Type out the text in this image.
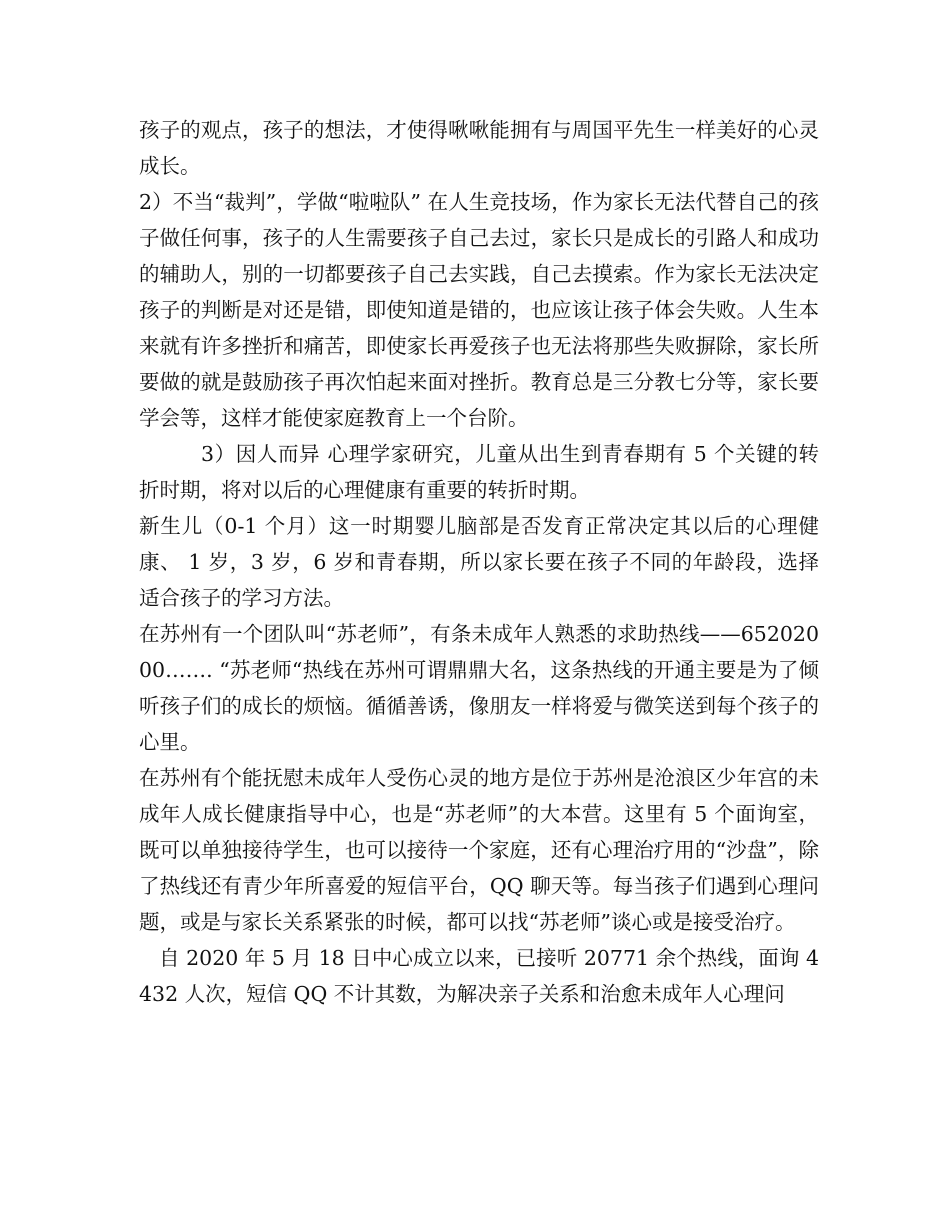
孩子的观点，孩子的想法，才使得啾啾能拥有与周国平先生一样美好的心灵成长。

2）不当“裁判”，学做“啦啦队” 在人生竞技场，作为家长无法代替自己的孩子做任何事，孩子的人生需要孩子自己去过，家长只是成长的引路人和成功的辅助人，别的一切都要孩子自己去实践，自己去摸索。作为家长无法决定孩子的判断是对还是错，即使知道是错的，也应该让孩子体会失败。人生本来就有许多挫折和痛苦，即使家长再爱孩子也无法将那些失败摒除，家长所要做的就是鼓励孩子再次怕起来面对挫折。教育总是三分教七分等，家长要学会等，这样才能使家庭教育上一个台阶。

3）因人而异 心理学家研究，儿童从出生到青春期有 5 个关键的转折时期，将对以后的心理健康有重要的转折时期。

新生儿（0-1 个月）这一时期婴儿脑部是否发育正常决定其以后的心理健康、 1 岁，3 岁，6 岁和青春期，所以家长要在孩子不同的年龄段，选择适合孩子的学习方法。

在苏州有一个团队叫“苏老师”，有条未成年人熟悉的求助热线——65202000……. “苏老师“热线在苏州可谓鼎鼎大名，这条热线的开通主要是为了倾听孩子们的成长的烦恼。循循善诱，像朋友一样将爱与微笑送到每个孩子的心里。

在苏州有个能抚慰未成年人受伤心灵的地方是位于苏州是沧浪区少年宫的未成年人成长健康指导中心，也是“苏老师”的大本营。这里有 5 个面询室，既可以单独接待学生，也可以接待一个家庭，还有心理治疗用的“沙盘”，除了热线还有青少年所喜爱的短信平台，QQ 聊天等。每当孩子们遇到心理问题，或是与家长关系紧张的时候，都可以找“苏老师”谈心或是接受治疗。

自 2020 年 5 月 18 日中心成立以来，已接听 20771 余个热线，面询 4432 人次，短信 QQ 不计其数，为解决亲子关系和治愈未成年人心理问
